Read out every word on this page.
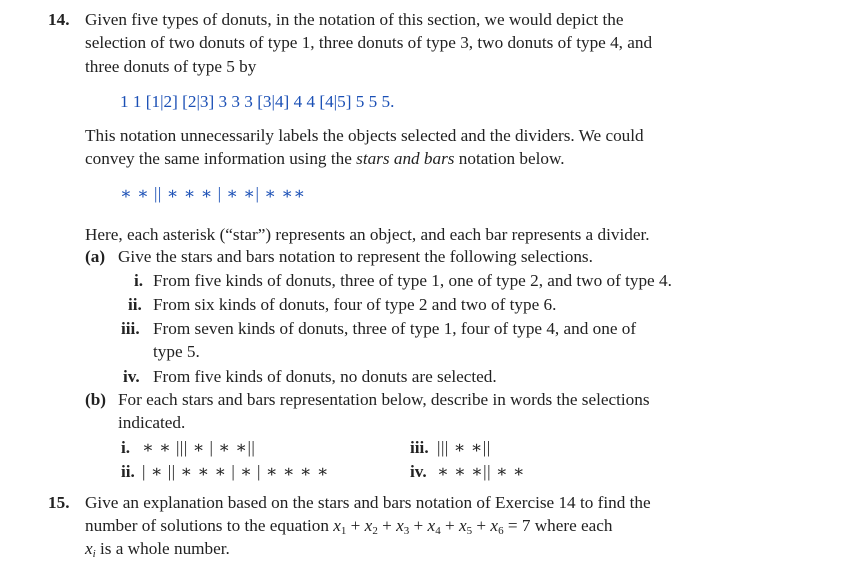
14. Given five types of donuts, in the notation of this section, we would depict the
selection of two donuts of type 1, three donuts of type 3, two donuts of type 4, and
three donuts of type 5 by
1 1 [1|2] [2|3] 3 3 3 [3|4] 4 4 [4|5] 5 5 5.
This notation unnecessarily labels the objects selected and the dividers. We could
convey the same information using the stars and bars notation below.
∗ ∗ || ∗ ∗ ∗ | ∗ ∗| ∗ ∗∗
Here, each asterisk (“star”) represents an object, and each bar represents a divider.
(a) Give the stars and bars notation to represent the following selections.
i. From five kinds of donuts, three of type 1, one of type 2, and two of type 4.
ii. From six kinds of donuts, four of type 2 and two of type 6.
iii. From seven kinds of donuts, three of type 1, four of type 4, and one of
type 5.
iv. From five kinds of donuts, no donuts are selected.
(b) For each stars and bars representation below, describe in words the selections
indicated.
i. ∗ ∗ ||| ∗ | ∗ ∗||
ii. | ∗ || ∗ ∗ ∗ | ∗ | ∗ ∗ ∗ ∗
iii. ||| ∗ ∗||
iv. ∗ ∗ ∗|| ∗ ∗
15. Give an explanation based on the stars and bars notation of Exercise 14 to find the
number of solutions to the equation $x_1 + x_2 + x_3 + x_4 + x_5 + x_6 = 7$ where each
$x_i$ is a whole number.
